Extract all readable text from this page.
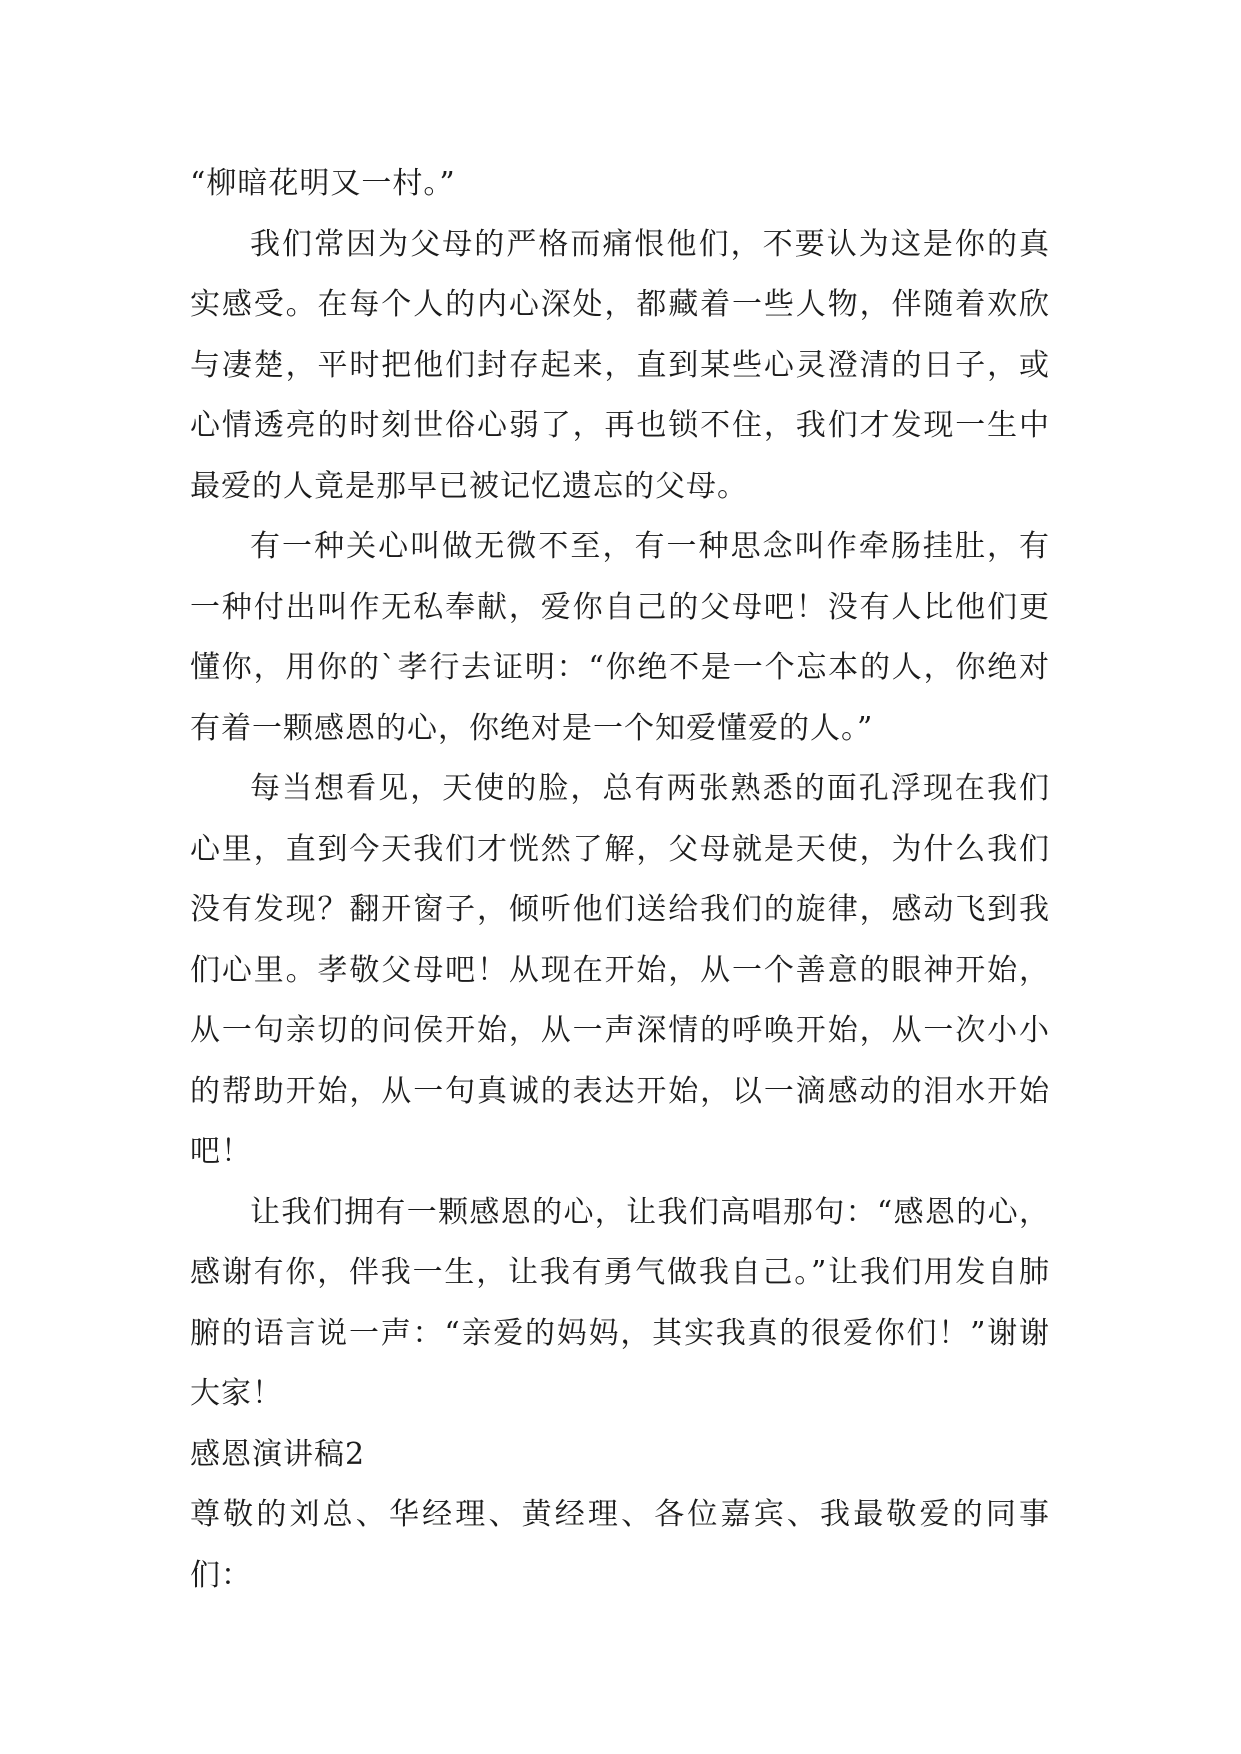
“柳暗花明又一村。”

我们常因为父母的严格而痛恨他们，不要认为这是你的真实感受。在每个人的内心深处，都藏着一些人物，伴随着欢欣与凄楚，平时把他们封存起来，直到某些心灵澄清的日子，或心情透亮的时刻世俗心弱了，再也锁不住，我们才发现一生中最爱的人竟是那早已被记忆遗忘的父母。

有一种关心叫做无微不至，有一种思念叫作牵肠挂肚，有一种付出叫作无私奉献，爱你自己的父母吧！没有人比他们更懂你，用你的`孝行去证明：“你绝不是一个忘本的人，你绝对有着一颗感恩的心，你绝对是一个知爱懂爱的人。”

每当想看见，天使的脸，总有两张熟悉的面孔浮现在我们心里，直到今天我们才恍然了解，父母就是天使，为什么我们没有发现？翻开窗子，倾听他们送给我们的旋律，感动飞到我们心里。孝敬父母吧！从现在开始，从一个善意的眼神开始，从一句亲切的问侯开始，从一声深情的呼唤开始，从一次小小的帮助开始，从一句真诚的表达开始，以一滴感动的泪水开始吧！

让我们拥有一颗感恩的心，让我们高唱那句：“感恩的心，感谢有你，伴我一生，让我有勇气做我自己。”让我们用发自肺腑的语言说一声：“亲爱的妈妈，其实我真的很爱你们！”谢谢大家！

感恩演讲稿2

尊敬的刘总、华经理、黄经理、各位嘉宾、我最敬爱的同事们：
